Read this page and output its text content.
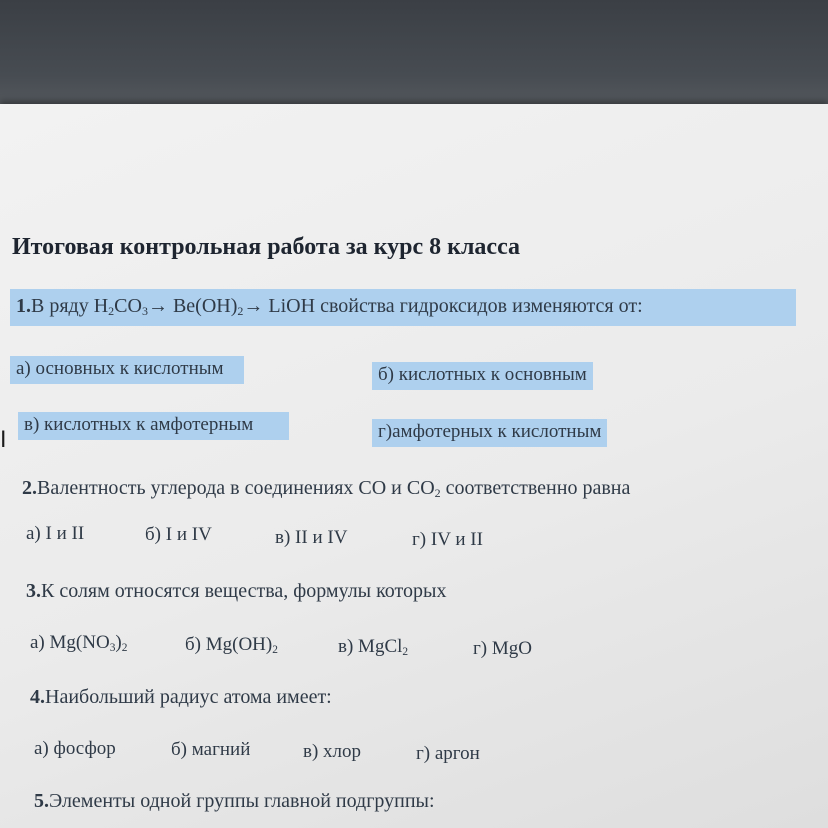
Итоговая контрольная работа за курс 8 класса
1.В ряду $H_2CO_3\to Be(OH)_2\to$ LiOH свойства гидроксидов изменяются от:
а) основных к кислотным	б) кислотных к основным
в) кислотных к амфотерным	г)амфотерных к кислотным
I
2.Валентность углерода в соединениях CO и $CO_2$ соответственно равна
а) I и II	б) I и IV	в) II и IV	г) IV и II
3.К солям относятся вещества, формулы которых
а) $Mg(NO_3)_2$	б) $Mg(OH)_2$	в) MgCl$_2$	г) MgO
4.Наибольший радиус атома имеет:
а) фосфор	б) магний	в) хлор	г) аргон
5.Элементы одной группы главной подгруппы:
